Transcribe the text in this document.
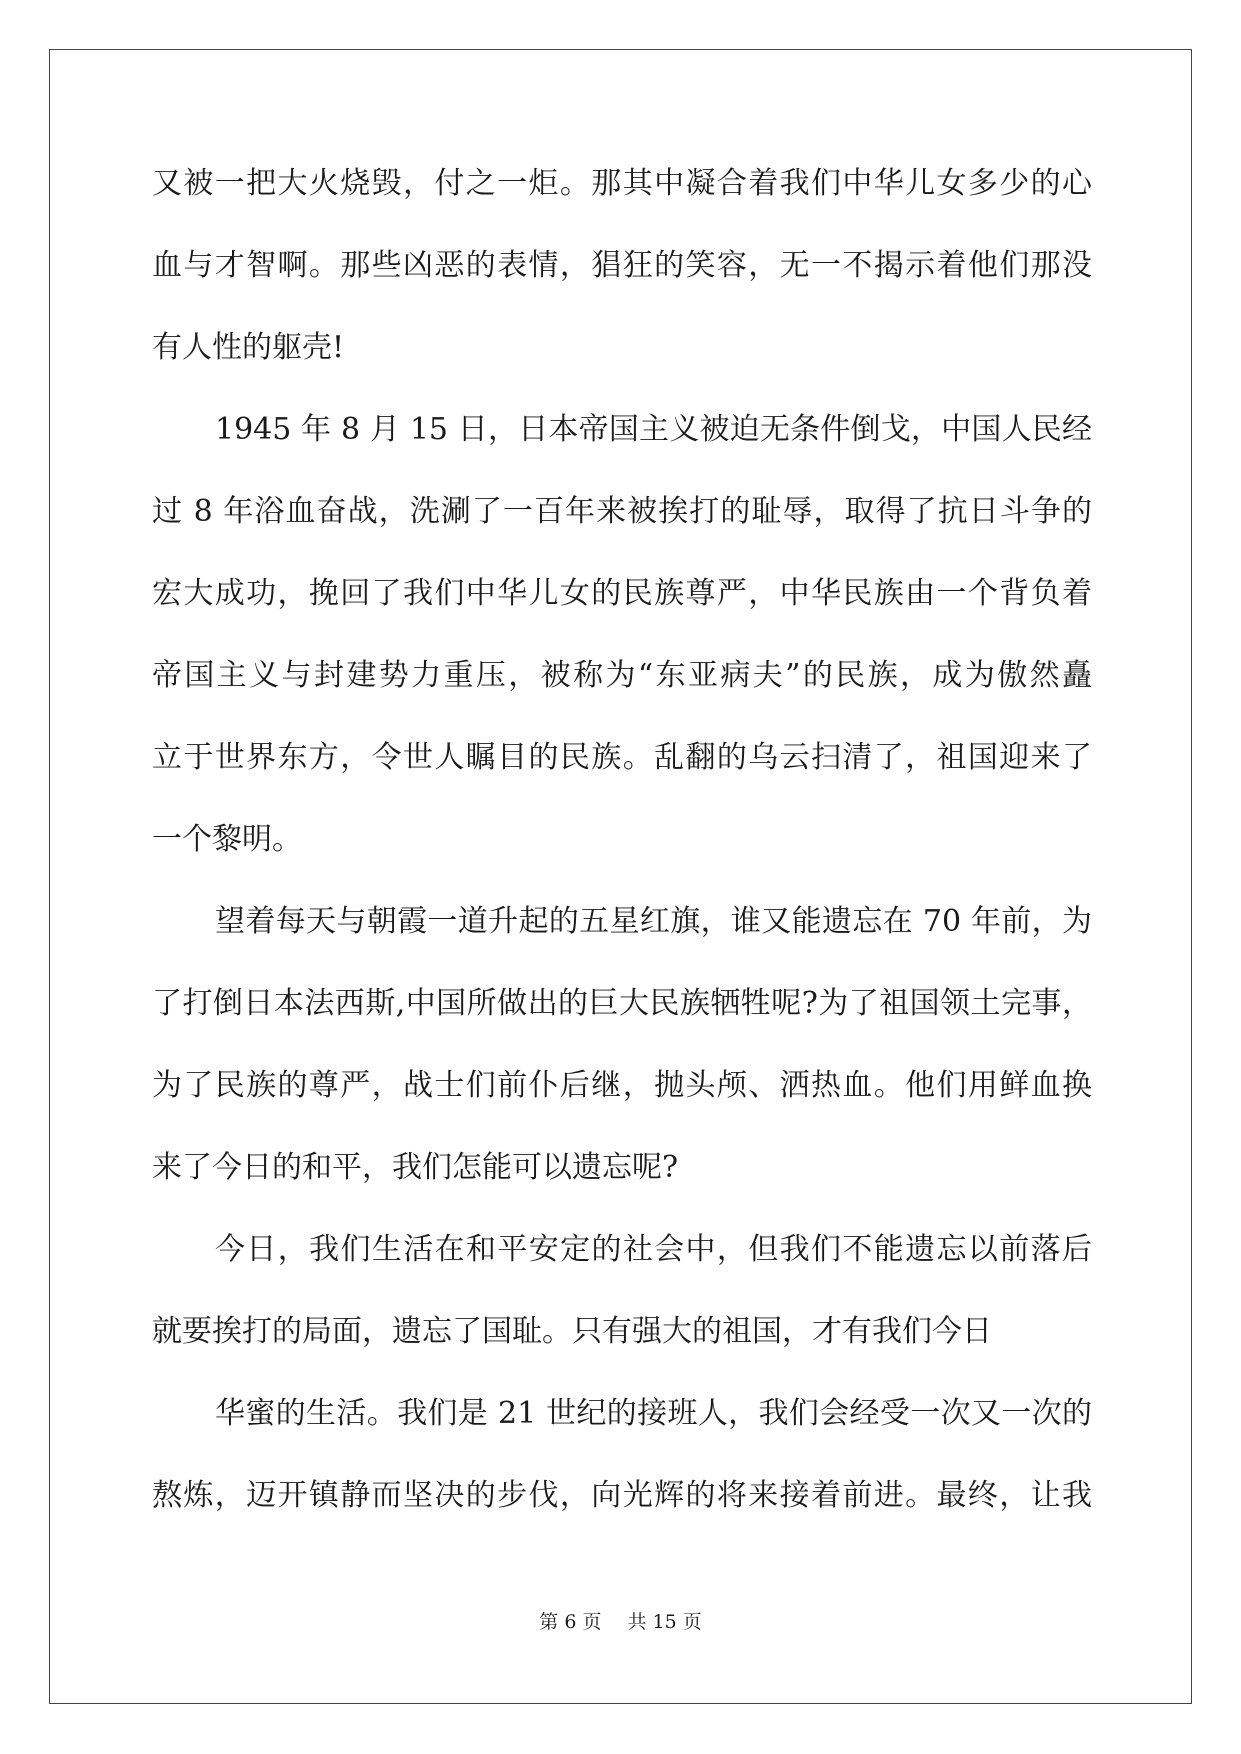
又被一把大火烧毁，付之一炬。那其中凝合着我们中华儿女多少的心
血与才智啊。那些凶恶的表情，猖狂的笑容，无一不揭示着他们那没
有人性的躯壳!
1945 年 8 月 15 日，日本帝国主义被迫无条件倒戈，中国人民经
过 8 年浴血奋战，洗涮了一百年来被挨打的耻辱，取得了抗日斗争的
宏大成功，挽回了我们中华儿女的民族尊严，中华民族由一个背负着
帝国主义与封建势力重压，被称为“东亚病夫”的民族，成为傲然矗
立于世界东方，令世人瞩目的民族。乱翻的乌云扫清了，祖国迎来了
一个黎明。
望着每天与朝霞一道升起的五星红旗，谁又能遗忘在 70 年前，为
了打倒日本法西斯,中国所做出的巨大民族牺牲呢?为了祖国领土完事，
为了民族的尊严，战士们前仆后继，抛头颅、洒热血。他们用鲜血换
来了今日的和平，我们怎能可以遗忘呢?
今日，我们生活在和平安定的社会中，但我们不能遗忘以前落后
就要挨打的局面，遗忘了国耻。只有强大的祖国，才有我们今日
华蜜的生活。我们是 21 世纪的接班人，我们会经受一次又一次的
熬炼，迈开镇静而坚决的步伐，向光辉的将来接着前进。最终，让我
第 6 页 共 15 页
